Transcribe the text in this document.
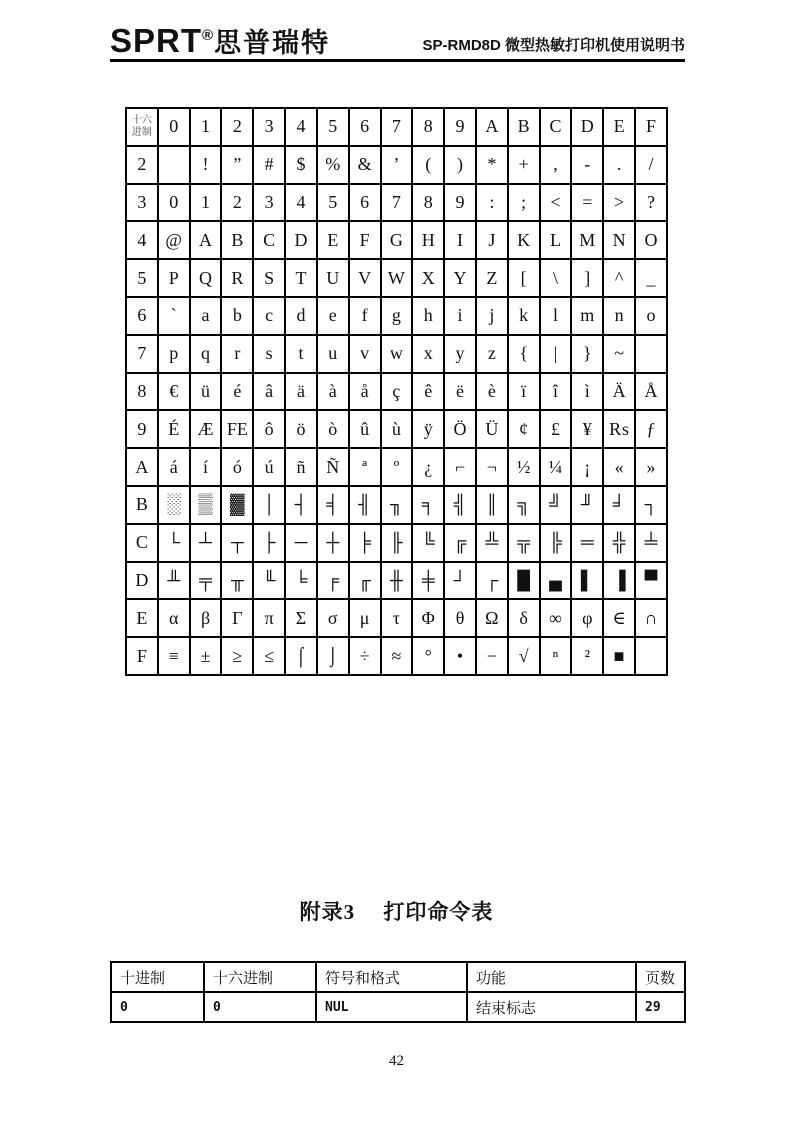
SPRT®思普瑞特	SP-RMD8D 微型热敏打印机使用说明书
十六
进制	0	1	2	3	4	5	6	7	8	9	A	B	C	D	E	F
2		!	”	#	$	%	&	’	(	)	*	+	,	-	.	/
3	0	1	2	3	4	5	6	7	8	9	:	;	<	=	>	?
4	@	A	B	C	D	E	F	G	H	I	J	K	L	M	N	O
5	P	Q	R	S	T	U	V	W	X	Y	Z	[	\	]	^	_
6	`	a	b	c	d	e	f	g	h	i	j	k	l	m	n	o
7	p	q	r	s	t	u	v	w	x	y	z	{	|	}	~	
8	€	ü	é	â	ä	à	å	ç	ê	ë	è	ï	î	ì	Ä	Å
9	É	Æ	FE	ô	ö	ò	û	ù	ÿ	Ö	Ü	¢	£	¥	₨	ƒ
A	á	í	ó	ú	ñ	Ñ	ª	º	¿	⌐	¬	½	¼	¡	«	»
B	░	▒	▓	│	┤	╡	╢	╖	╕	╣	║	╗	╝	╜	╛	┐
C	└	┴	┬	├	─	┼	╞	╟	╚	╔	╩	╦	╠	═	╬	╧
D	╨	╤	╥	╙	╘	╒	╓	╫	╪	┘	┌	█	▄	▌	▐	▀
E	α	β	Γ	π	Σ	σ	μ	τ	Φ	θ	Ω	δ	∞	φ	∈	∩
F	≡	±	≥	≤	⌠	⌡	÷	≈	°	•	−	√	ⁿ	²	■	
附录3　 打印命令表
十进制	十六进制	符号和格式	功能	页数
0	0	NUL	结束标志	29
42
